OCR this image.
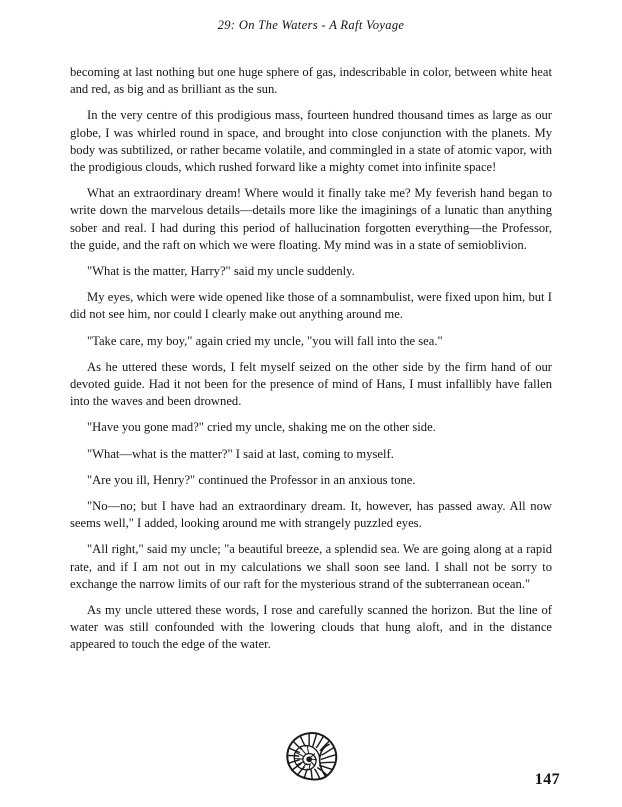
29: On The Waters - A Raft Voyage

becoming at last nothing but one huge sphere of gas, indescribable in color, between white heat and red, as big and as brilliant as the sun.

In the very centre of this prodigious mass, fourteen hundred thousand times as large as our globe, I was whirled round in space, and brought into close conjunction with the planets. My body was subtilized, or rather became volatile, and commingled in a state of atomic vapor, with the prodigious clouds, which rushed forward like a mighty comet into infinite space!

What an extraordinary dream! Where would it finally take me? My feverish hand began to write down the marvelous details—details more like the imaginings of a lunatic than anything sober and real. I had during this period of hallucination forgotten everything—the Professor, the guide, and the raft on which we were floating. My mind was in a state of semioblivion.

"What is the matter, Harry?" said my uncle suddenly.

My eyes, which were wide opened like those of a somnambulist, were fixed upon him, but I did not see him, nor could I clearly make out anything around me.

"Take care, my boy," again cried my uncle, "you will fall into the sea."

As he uttered these words, I felt myself seized on the other side by the firm hand of our devoted guide. Had it not been for the presence of mind of Hans, I must infallibly have fallen into the waves and been drowned.

"Have you gone mad?" cried my uncle, shaking me on the other side.

"What—what is the matter?" I said at last, coming to myself.

"Are you ill, Henry?" continued the Professor in an anxious tone.

"No—no; but I have had an extraordinary dream. It, however, has passed away. All now seems well," I added, looking around me with strangely puzzled eyes.

"All right," said my uncle; "a beautiful breeze, a splendid sea. We are going along at a rapid rate, and if I am not out in my calculations we shall soon see land. I shall not be sorry to exchange the narrow limits of our raft for the mysterious strand of the subterranean ocean."

As my uncle uttered these words, I rose and carefully scanned the horizon. But the line of water was still confounded with the lowering clouds that hung aloft, and in the distance appeared to touch the edge of the water.

147
